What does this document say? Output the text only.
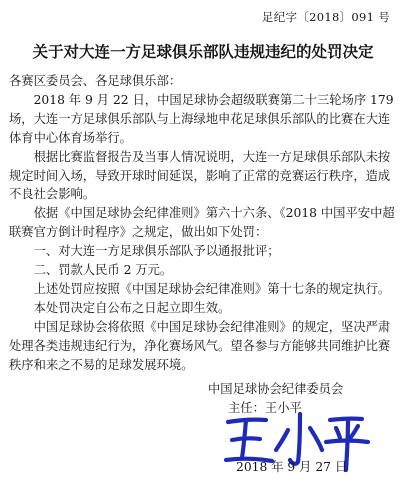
足纪字〔2018〕091 号
关于对大连一方足球俱乐部队违规违纪的处罚决定

各赛区委员会、各足球俱乐部：

2018 年 9 月 22 日，中国足球协会超级联赛第二十三轮场序 179 场，大连一方足球俱乐部队与上海绿地申花足球俱乐部队的比赛在大连体育中心体育场举行。

根据比赛监督报告及当事人情况说明，大连一方足球俱乐部队未按规定时间入场，导致开球时间延误，影响了正常的竞赛运行秩序，造成不良社会影响。

依据《中国足球协会纪律准则》第六十六条、《2018 中国平安中超联赛官方倒计时程序》之规定，做出如下处罚：

一、对大连一方足球俱乐部队予以通报批评；

二、罚款人民币 2 万元。

上述处罚应按照《中国足球协会纪律准则》第十七条的规定执行。

本处罚决定自公布之日起立即生效。

中国足球协会将依照《中国足球协会纪律准则》的规定，坚决严肃处理各类违规违纪行为，净化赛场风气。望各参与方能够共同维护比赛秩序和来之不易的足球发展环境。

中国足球协会纪律委员会
主任：王小平
2018 年 9 月 27 日
